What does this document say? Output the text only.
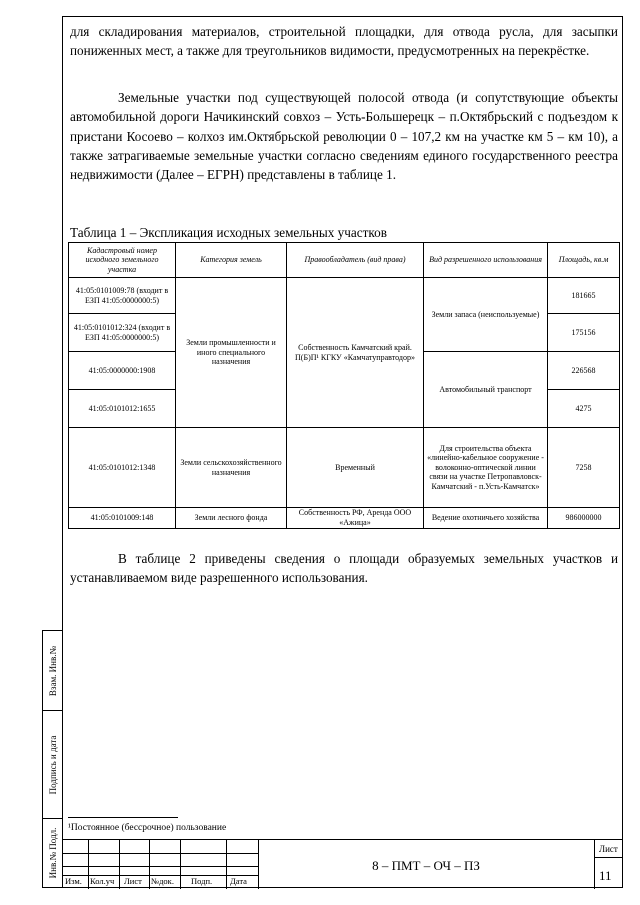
Взам. Инв.№
Подпись и дата
Инв.№ Подл.

для складирования материалов, строительной площадки, для отвода русла, для засыпки пониженных мест, а также для треугольников видимости, предусмотренных на перекрёстке.

Земельные участки под существующей полосой отвода (и сопутствующие объекты автомобильной дороги Начикинский совхоз – Усть-Большерецк – п.Октябрьский с подъездом к пристани Косоево – колхоз им.Октябрьской революции 0 – 107,2 км на участке км 5 – км 10), а также затрагиваемые земельные участки согласно сведениям единого государственного реестра недвижимости (Далее – ЕГРН) представлены в таблице 1.

Таблица 1 – Экспликация исходных земельных участков

Кадастровый номер исходного земельного участка	Категория земель	Правообладатель (вид права)	Вид разрешенного использования	Площадь, кв.м
41:05:0101009:78 (входит в ЕЗП 41:05:0000000:5)	Земли промышленности и иного специального назначения	Собственность Камчатский край. П(Б)П¹ КГКУ «Камчатуправтодор»	Земли запаса (неиспользуемые)	181665
41:05:0101012:324 (входит в ЕЗП 41:05:0000000:5)				175156
41:05:0000000:1908			Автомобильный транспорт	226568
41:05:0101012:1655				4275
41:05:0101012:1348	Земли сельскохозяйственного назначения	Временный	Для строительства объекта «линейно-кабельное сооружение - волоконно-оптической линии связи на участке Петропавловск-Камчатский - п.Усть-Камчатск»	7258
41:05:0101009:148	Земли лесного фонда	Собственность РФ, Аренда ООО «Ажица»	Ведение охотничьего хозяйства	986000000

В таблице 2 приведены сведения о площади образуемых земельных участков и устанавливаемом виде разрешенного использования.

¹Постоянное (бессрочное) пользование
Изм. Кол.уч Лист №док. Подп. Дата
8 – ПМТ – ОЧ – ПЗ
Лист
11
